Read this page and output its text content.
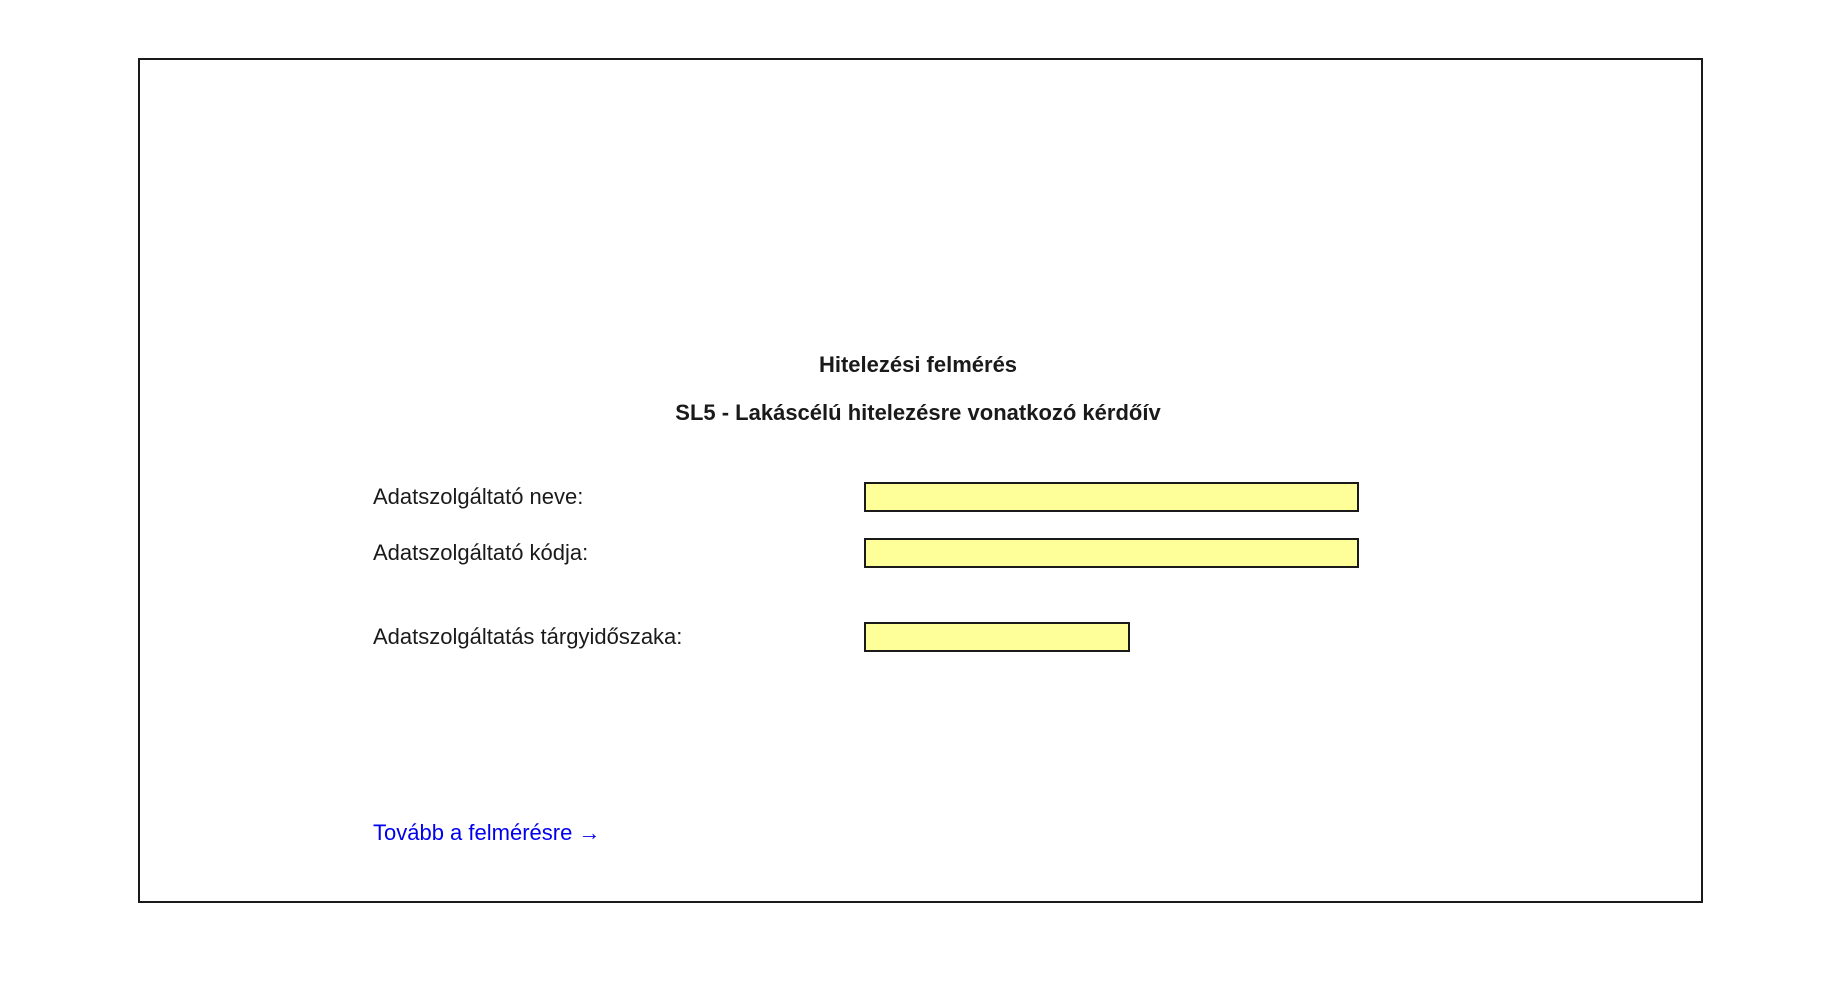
Hitelezési felmérés
SL5 - Lakáscélú hitelezésre vonatkozó kérdőív
Adatszolgáltató neve:
Adatszolgáltató kódja:
Adatszolgáltatás tárgyidőszaka:
Tovább a felmérésre →
